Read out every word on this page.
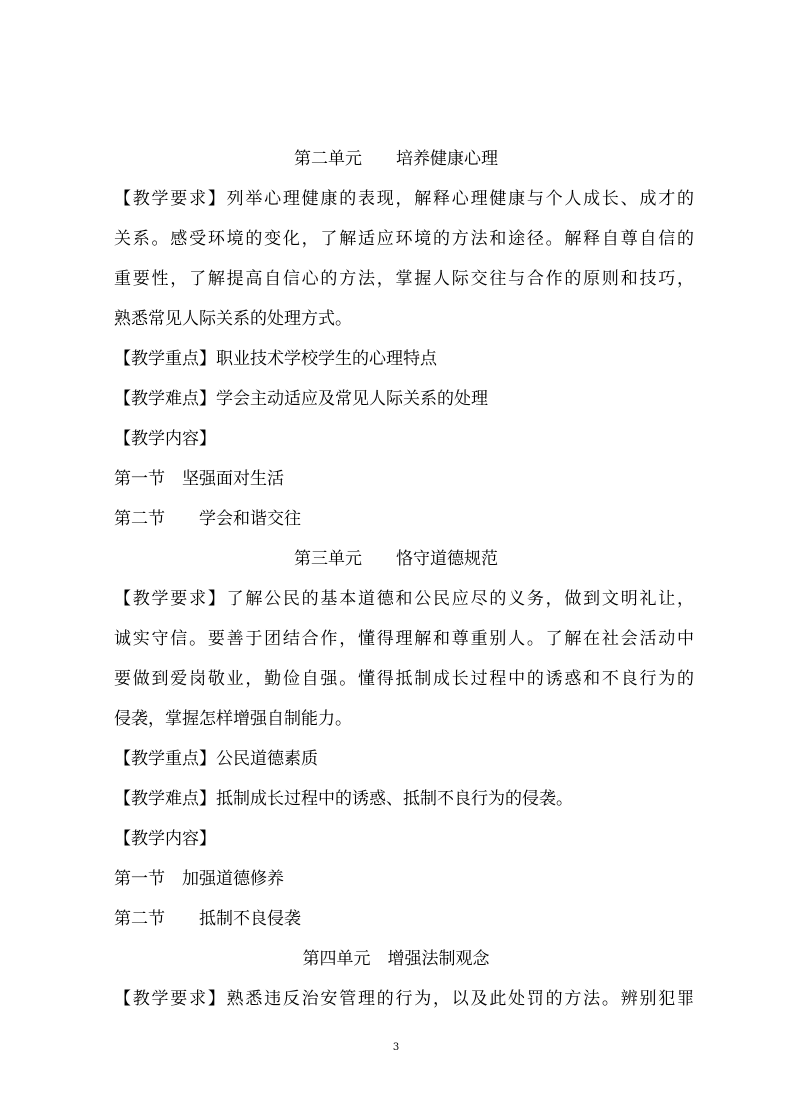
第二单元　　培养健康心理
【教学要求】列举心理健康的表现，解释心理健康与个人成长、成才的
关系。感受环境的变化，了解适应环境的方法和途径。解释自尊自信的
重要性，了解提高自信心的方法，掌握人际交往与合作的原则和技巧，
熟悉常见人际关系的处理方式。
【教学重点】职业技术学校学生的心理特点
【教学难点】学会主动适应及常见人际关系的处理
【教学内容】
第一节　坚强面对生活
第二节　　学会和谐交往
第三单元　　恪守道德规范
【教学要求】了解公民的基本道德和公民应尽的义务，做到文明礼让，
诚实守信。要善于团结合作，懂得理解和尊重别人。了解在社会活动中
要做到爱岗敬业，勤俭自强。懂得抵制成长过程中的诱惑和不良行为的
侵袭，掌握怎样增强自制能力。
【教学重点】公民道德素质
【教学难点】抵制成长过程中的诱惑、抵制不良行为的侵袭。
【教学内容】
第一节　加强道德修养
第二节　　抵制不良侵袭
第四单元　增强法制观念
【教学要求】熟悉违反治安管理的行为，以及此处罚的方法。辨别犯罪
3
